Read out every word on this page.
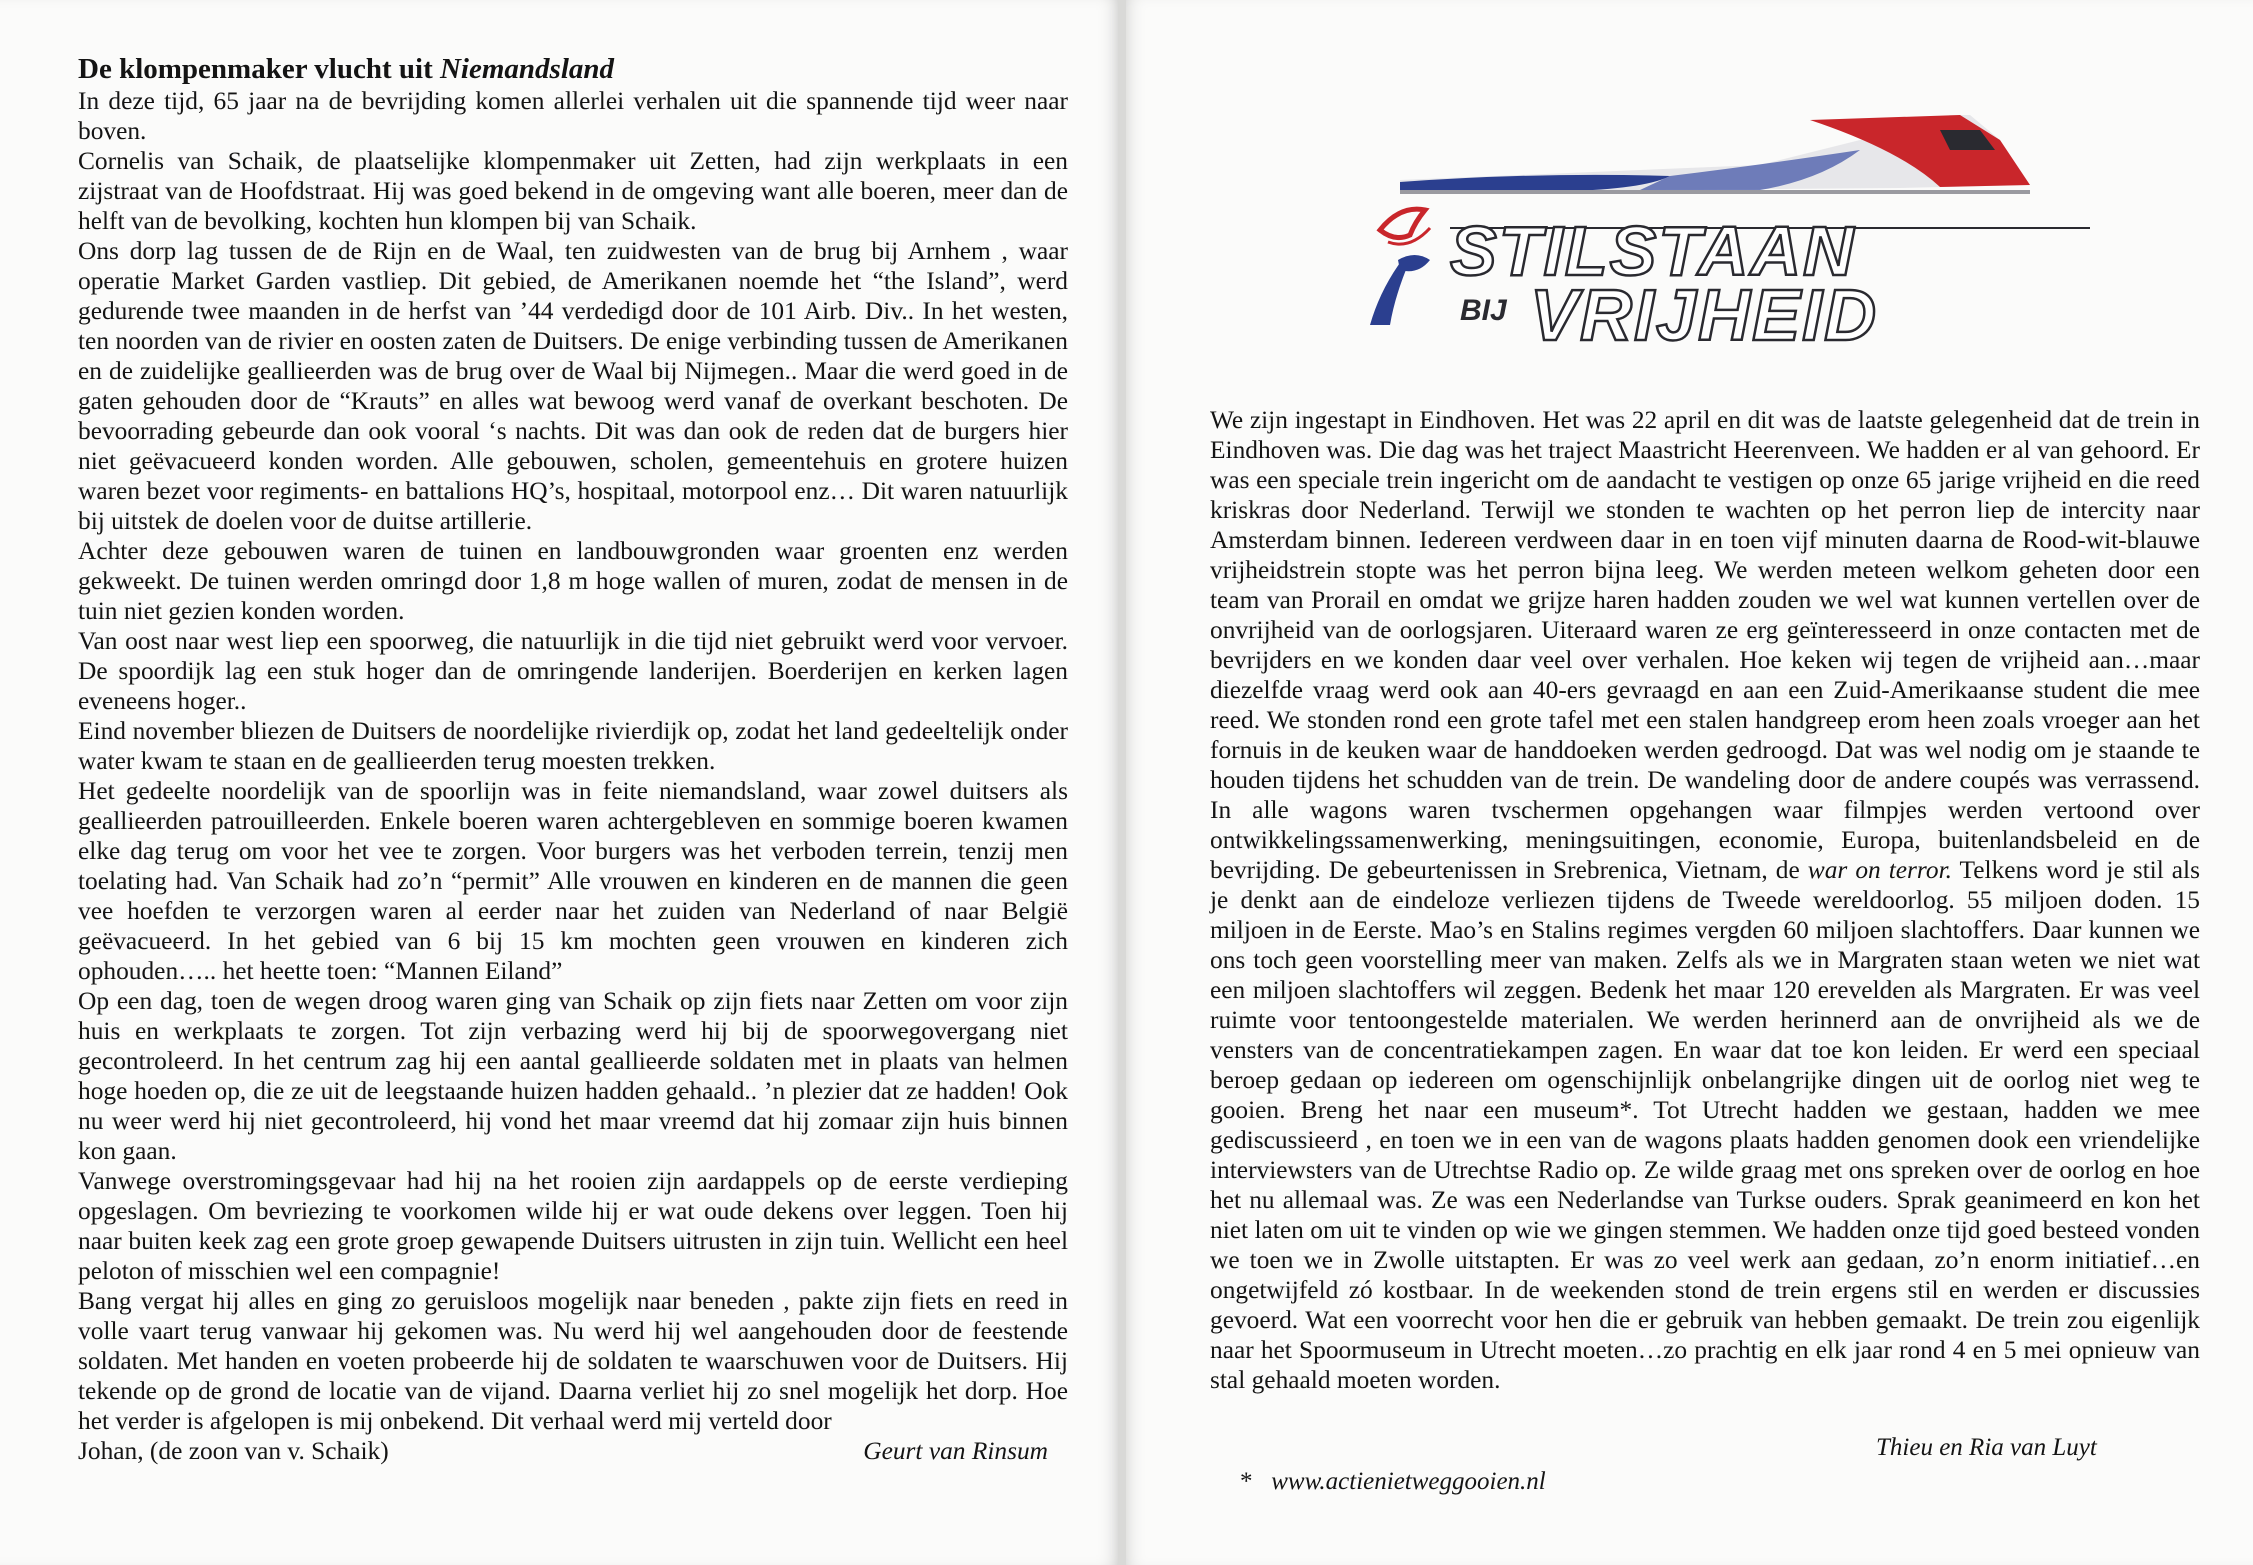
De klompenmaker vlucht uit Niemandsland

In deze tijd, 65 jaar na de bevrijding komen allerlei verhalen uit die spannende tijd weer naar boven.

Cornelis van Schaik, de plaatselijke klompenmaker uit Zetten, had zijn werkplaats in een zijstraat van de Hoofdstraat. Hij was goed bekend in de omgeving want alle boeren, meer dan de helft van de bevolking, kochten hun klompen bij van Schaik.

Ons dorp lag tussen de de Rijn en de Waal, ten zuidwesten van de brug bij Arnhem , waar operatie Market Garden vastliep. Dit gebied, de Amerikanen noemde het “the Island”, werd gedurende twee maanden in de herfst van ’44 verdedigd door de 101 Airb. Div.. In het westen, ten noorden van de rivier en oosten zaten de Duitsers. De enige verbinding tussen de Amerikanen en de zuidelijke geallieerden was de brug over de Waal bij Nijmegen.. Maar die werd goed in de gaten gehouden door de “Krauts” en alles wat bewoog werd vanaf de overkant beschoten. De bevoorrading gebeurde dan ook vooral ‘s nachts. Dit was dan ook de reden dat de burgers hier niet geëvacueerd konden worden. Alle gebouwen, scholen, gemeentehuis en grotere huizen waren bezet voor regiments- en battalions HQ’s, hospitaal, motorpool enz… Dit waren natuurlijk bij uitstek de doelen voor de duitse artillerie.

Achter deze gebouwen waren de tuinen en landbouwgronden waar groenten enz werden gekweekt. De tuinen werden omringd door 1,8 m hoge wallen of muren, zodat de mensen in de tuin niet gezien konden worden.

Van oost naar west liep een spoorweg, die natuurlijk in die tijd niet gebruikt werd voor vervoer. De spoordijk lag een stuk hoger dan de omringende landerijen. Boerderijen en kerken lagen eveneens hoger..

Eind november bliezen de Duitsers de noordelijke rivierdijk op, zodat het land gedeeltelijk onder water kwam te staan en de geallieerden terug moesten trekken.

Het gedeelte noordelijk van de spoorlijn was in feite niemandsland, waar zowel duitsers als geallieerden patrouilleerden. Enkele boeren waren achtergebleven en sommige boeren kwamen elke dag terug om voor het vee te zorgen. Voor burgers was het verboden terrein, tenzij men toelating had. Van Schaik had zo’n “permit” Alle vrouwen en kinderen en de mannen die geen vee hoefden te verzorgen waren al eerder naar het zuiden van Nederland of naar België geëvacueerd. In het gebied van 6 bij 15 km mochten geen vrouwen en kinderen zich ophouden….. het heette toen: “Mannen Eiland”

Op een dag, toen de wegen droog waren ging van Schaik op zijn fiets naar Zetten om voor zijn huis en werkplaats te zorgen. Tot zijn verbazing werd hij bij de spoorwegovergang niet gecontroleerd. In het centrum zag hij een aantal geallieerde soldaten met in plaats van helmen hoge hoeden op, die ze uit de leegstaande huizen hadden gehaald.. ’n plezier dat ze hadden! Ook nu weer werd hij niet gecontroleerd, hij vond het maar vreemd dat hij zomaar zijn huis binnen kon gaan.

Vanwege overstromingsgevaar had hij na het rooien zijn aardappels op de eerste verdieping opgeslagen. Om bevriezing te voorkomen wilde hij er wat oude dekens over leggen. Toen hij naar buiten keek zag een grote groep gewapende Duitsers uitrusten in zijn tuin. Wellicht een heel peloton of misschien wel een compagnie!

Bang vergat hij alles en ging zo geruisloos mogelijk naar beneden , pakte zijn fiets en reed in volle vaart terug vanwaar hij gekomen was. Nu werd hij wel aangehouden door de feestende soldaten. Met handen en voeten probeerde hij de soldaten te waarschuwen voor de Duitsers. Hij tekende op de grond de locatie van de vijand. Daarna verliet hij zo snel mogelijk het dorp. Hoe het verder is afgelopen is mij onbekend. Dit verhaal werd mij verteld door

Johan, (de zoon van v. Schaik)	Geurt van Rinsum
STILSTAAN
BIJ VRIJHEID

We zijn ingestapt in Eindhoven. Het was 22 april en dit was de laatste gelegenheid dat de trein in Eindhoven was. Die dag was het traject Maastricht Heerenveen. We hadden er al van gehoord. Er was een speciale trein ingericht om de aandacht te vestigen op onze 65 jarige vrijheid en die reed kriskras door Nederland. Terwijl we stonden te wachten op het perron liep de intercity naar Amsterdam binnen. Iedereen verdween daar in en toen vijf minuten daarna de Rood-wit-blauwe vrijheidstrein stopte was het perron bijna leeg. We werden meteen welkom geheten door een team van Prorail en omdat we grijze haren hadden zouden we wel wat kunnen vertellen over de onvrijheid van de oorlogsjaren. Uiteraard waren ze erg geïnteresseerd in onze contacten met de bevrijders en we konden daar veel over verhalen. Hoe keken wij tegen de vrijheid aan…maar diezelfde vraag werd ook aan 40-ers gevraagd en aan een Zuid-Amerikaanse student die mee reed. We stonden rond een grote tafel met een stalen handgreep erom heen zoals vroeger aan het fornuis in de keuken waar de handdoeken werden gedroogd. Dat was wel nodig om je staande te houden tijdens het schudden van de trein. De wandeling door de andere coupés was verrassend. In alle wagons waren tvschermen opgehangen waar filmpjes werden vertoond over ontwikkelingssamenwerking, meningsuitingen, economie, Europa, buitenlandsbeleid en de bevrijding. De gebeurtenissen in Srebrenica, Vietnam, de war on terror. Telkens word je stil als je denkt aan de eindeloze verliezen tijdens de Tweede wereldoorlog. 55 miljoen doden. 15 miljoen in de Eerste. Mao’s en Stalins regimes vergden 60 miljoen slachtoffers. Daar kunnen we ons toch geen voorstelling meer van maken. Zelfs als we in Margraten staan weten we niet wat een miljoen slachtoffers wil zeggen. Bedenk het maar 120 erevelden als Margraten. Er was veel ruimte voor tentoongestelde materialen. We werden herinnerd aan de onvrijheid als we de vensters van de concentratiekampen zagen. En waar dat toe kon leiden. Er werd een speciaal beroep gedaan op iedereen om ogenschijnlijk onbelangrijke dingen uit de oorlog niet weg te gooien. Breng het naar een museum*. Tot Utrecht hadden we gestaan, hadden we mee gediscussieerd , en toen we in een van de wagons plaats hadden genomen dook een vriendelijke interviewsters van de Utrechtse Radio op. Ze wilde graag met ons spreken over de oorlog en hoe het nu allemaal was. Ze was een Nederlandse van Turkse ouders. Sprak geanimeerd en kon het niet laten om uit te vinden op wie we gingen stemmen. We hadden onze tijd goed besteed vonden we toen we in Zwolle uitstapten. Er was zo veel werk aan gedaan, zo’n enorm initiatief…en ongetwijfeld zó kostbaar. In de weekenden stond de trein ergens stil en werden er discussies gevoerd. Wat een voorrecht voor hen die er gebruik van hebben gemaakt. De trein zou eigenlijk naar het Spoormuseum in Utrecht moeten…zo prachtig en elk jaar rond 4 en 5 mei opnieuw van stal gehaald moeten worden.

Thieu en Ria van Luyt
* www.actienietweggooien.nl
